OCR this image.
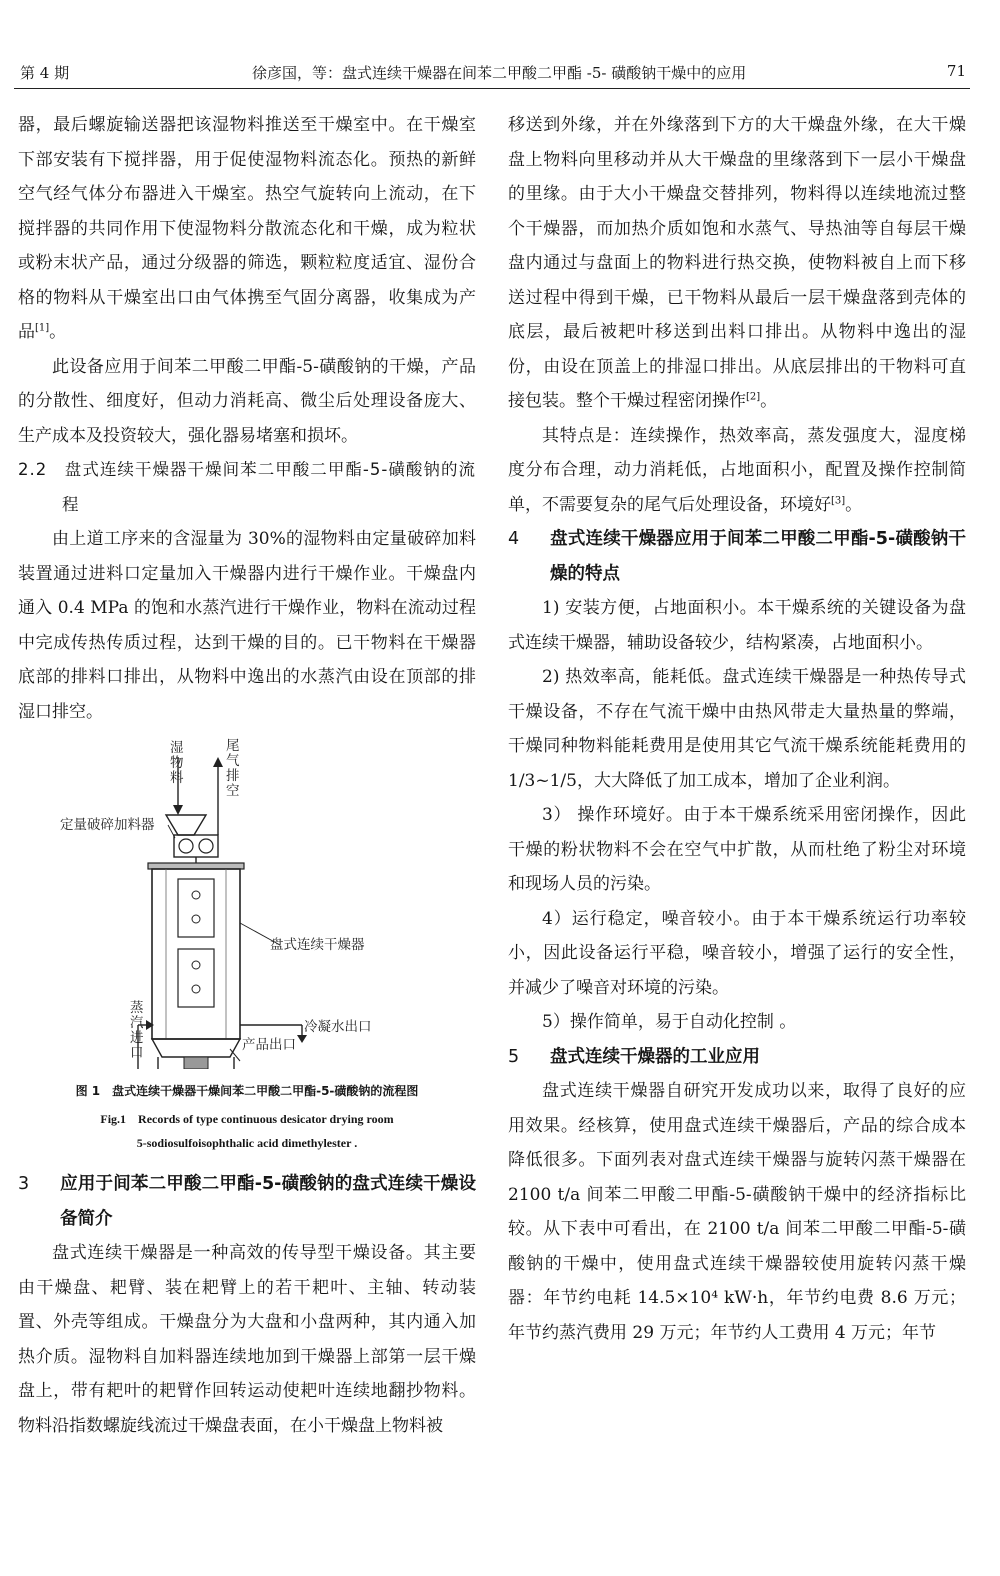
第 4 期	徐彦国，等：盘式连续干燥器在间苯二甲酸二甲酯 -5- 磺酸钠干燥中的应用	71

器，最后螺旋输送器把该湿物料推送至干燥室中。在干燥室下部安装有下搅拌器，用于促使湿物料流态化。预热的新鲜空气经气体分布器进入干燥室。热空气旋转向上流动，在下搅拌器的共同作用下使湿物料分散流态化和干燥，成为粒状或粉末状产品，通过分级器的筛选，颗粒粒度适宜、湿份合格的物料从干燥室出口由气体携至气固分离器，收集成为产品[1]。

此设备应用于间苯二甲酸二甲酯-5-磺酸钠的干燥，产品的分散性、细度好，但动力消耗高、微尘后处理设备庞大、生产成本及投资较大，强化器易堵塞和损坏。

2.2　盘式连续干燥器干燥间苯二甲酸二甲酯-5-磺酸钠的流程

由上道工序来的含湿量为 30%的湿物料由定量破碎加料装置通过进料口定量加入干燥器内进行干燥作业。干燥盘内通入 0.4 MPa 的饱和水蒸汽进行干燥作业，物料在流动过程中完成传热传质过程，达到干燥的目的。已干物料在干燥器底部的排料口排出，从物料中逸出的水蒸汽由设在顶部的排湿口排空。

湿物料
尾气排空
定量破碎加料器
盘式连续干燥器
冷凝水出口
蒸汽进口	产品出口
图 1　盘式连续干燥器干燥间苯二甲酸二甲酯-5-磺酸钠的流程图
Fig.1　Records of type continuous desicator drying room
5-sodiosulfoisophthalic acid dimethylester .

3 应用于间苯二甲酸二甲酯-5-磺酸钠的盘式连续干燥设备简介

盘式连续干燥器是一种高效的传导型干燥设备。其主要由干燥盘、耙臂、装在耙臂上的若干耙叶、主轴、转动装置、外壳等组成。干燥盘分为大盘和小盘两种，其内通入加热介质。湿物料自加料器连续地加到干燥器上部第一层干燥盘上，带有耙叶的耙臂作回转运动使耙叶连续地翻抄物料。物料沿指数螺旋线流过干燥盘表面，在小干燥盘上物料被

移送到外缘，并在外缘落到下方的大干燥盘外缘，在大干燥盘上物料向里移动并从大干燥盘的里缘落到下一层小干燥盘的里缘。由于大小干燥盘交替排列，物料得以连续地流过整个干燥器，而加热介质如饱和水蒸气、导热油等自每层干燥盘内通过与盘面上的物料进行热交换，使物料被自上而下移送过程中得到干燥，已干物料从最后一层干燥盘落到壳体的底层，最后被耙叶移送到出料口排出。从物料中逸出的湿份，由设在顶盖上的排湿口排出。从底层排出的干物料可直接包装。整个干燥过程密闭操作[2]。

其特点是：连续操作，热效率高，蒸发强度大，湿度梯度分布合理，动力消耗低，占地面积小，配置及操作控制简单，不需要复杂的尾气后处理设备，环境好[3]。

4 盘式连续干燥器应用于间苯二甲酸二甲酯-5-磺酸钠干燥的特点

1) 安装方便，占地面积小。本干燥系统的关键设备为盘式连续干燥器，辅助设备较少，结构紧凑，占地面积小。

2) 热效率高，能耗低。盘式连续干燥器是一种热传导式干燥设备，不存在气流干燥中由热风带走大量热量的弊端，干燥同种物料能耗费用是使用其它气流干燥系统能耗费用的 1/3~1/5，大大降低了加工成本，增加了企业利润。

3） 操作环境好。由于本干燥系统采用密闭操作，因此干燥的粉状物料不会在空气中扩散，从而杜绝了粉尘对环境和现场人员的污染。

4）运行稳定，噪音较小。由于本干燥系统运行功率较小，因此设备运行平稳，噪音较小，增强了运行的安全性，并减少了噪音对环境的污染。

5）操作简单，易于自动化控制 。

5 盘式连续干燥器的工业应用

盘式连续干燥器自研究开发成功以来，取得了良好的应用效果。经核算，使用盘式连续干燥器后，产品的综合成本降低很多。下面列表对盘式连续干燥器与旋转闪蒸干燥器在 2100 t/a 间苯二甲酸二甲酯-5-磺酸钠干燥中的经济指标比较。从下表中可看出，在 2100 t/a 间苯二甲酸二甲酯-5-磺酸钠的干燥中，使用盘式连续干燥器较使用旋转闪蒸干燥器：年节约电耗 14.5×10⁴ kW·h，年节约电费 8.6 万元；年节约蒸汽费用 29 万元；年节约人工费用 4 万元；年节
